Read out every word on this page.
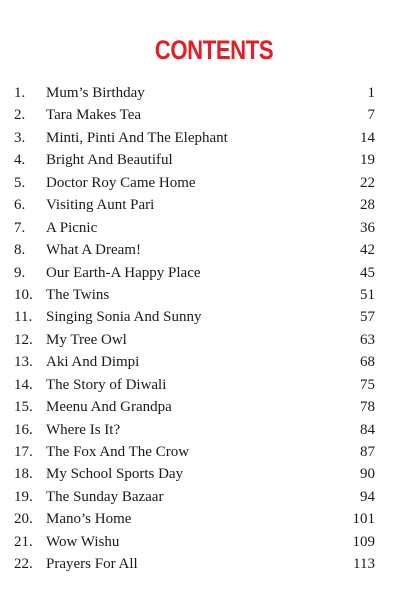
CONTENTS
1.	Mum’s Birthday	1
2.	Tara Makes Tea	7
3.	Minti, Pinti And The Elephant	14
4.	Bright And Beautiful	19
5.	Doctor Roy Came Home	22
6.	Visiting Aunt Pari	28
7.	A Picnic	36
8.	What A Dream!	42
9.	Our Earth-A Happy Place	45
10. The Twins	51
11. Singing Sonia And Sunny	57
12. My Tree Owl	63
13. Aki And Dimpi	68
14. The Story of Diwali	75
15. Meenu And Grandpa	78
16. Where Is It?	84
17. The Fox And The Crow	87
18. My School Sports Day	90
19. The Sunday Bazaar	94
20. Mano’s Home	101
21. Wow Wishu	109
22. Prayers For All	113
